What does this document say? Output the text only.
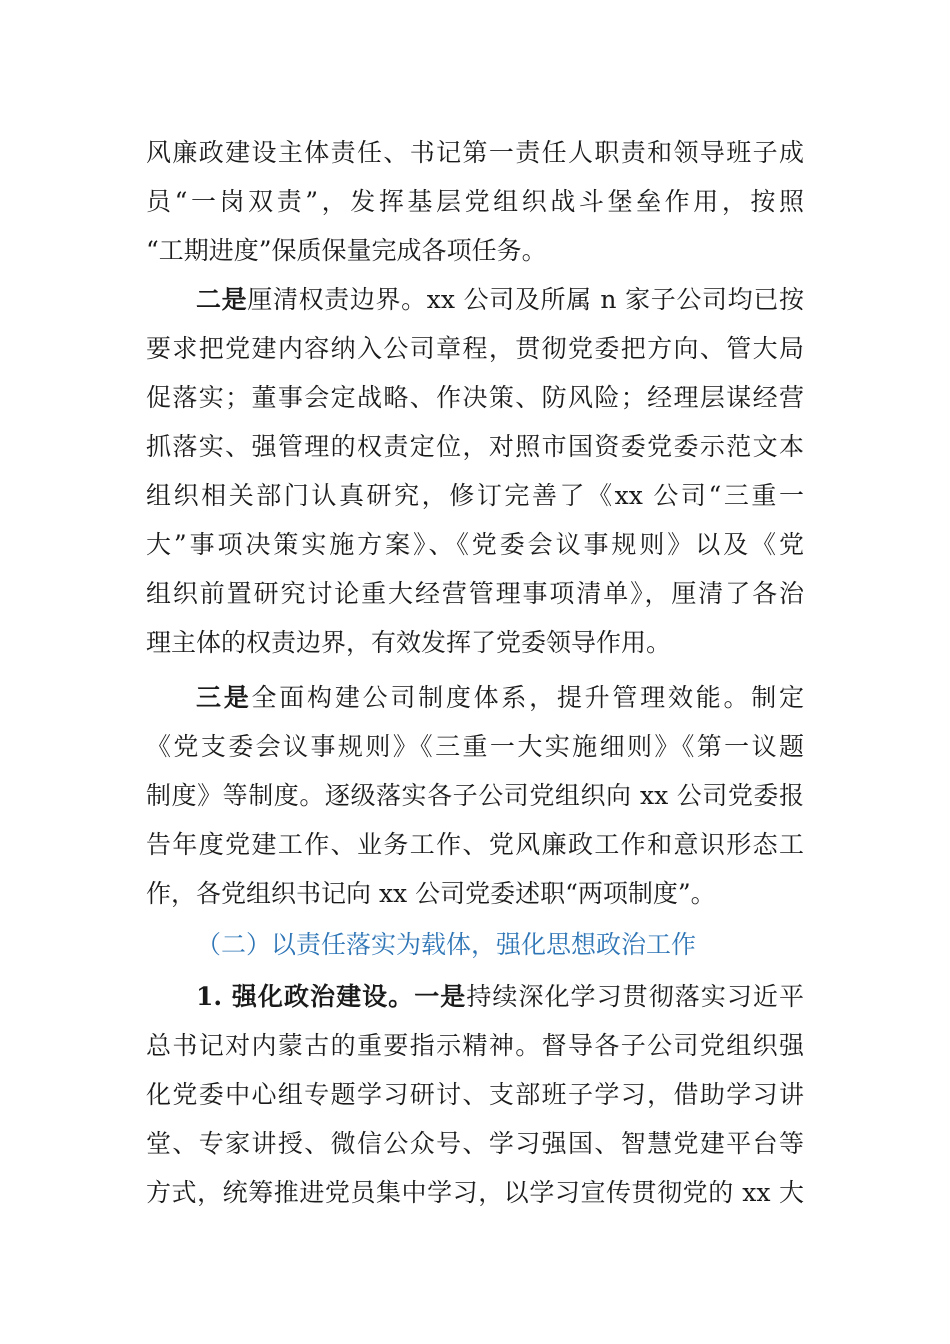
风廉政建设主体责任、书记第一责任人职责和领导班子成
员“一岗双责”，发挥基层党组织战斗堡垒作用，按照
“工期进度”保质保量完成各项任务。
二是厘清权责边界。xx 公司及所属 n 家子公司均已按
要求把党建内容纳入公司章程，贯彻党委把方向、管大局
促落实；董事会定战略、作决策、防风险；经理层谋经营
抓落实、强管理的权责定位，对照市国资委党委示范文本
组织相关部门认真研究，修订完善了《xx 公司“三重一
大”事项决策实施方案》、《党委会议事规则》以及《党
组织前置研究讨论重大经营管理事项清单》，厘清了各治
理主体的权责边界，有效发挥了党委领导作用。
三是全面构建公司制度体系，提升管理效能。制定
《党支委会议事规则》《三重一大实施细则》《第一议题
制度》等制度。逐级落实各子公司党组织向 xx 公司党委报
告年度党建工作、业务工作、党风廉政工作和意识形态工
作，各党组织书记向 xx 公司党委述职“两项制度”。
（二）以责任落实为载体，强化思想政治工作
1. 强化政治建设。一是持续深化学习贯彻落实习近平
总书记对内蒙古的重要指示精神。督导各子公司党组织强
化党委中心组专题学习研讨、支部班子学习，借助学习讲
堂、专家讲授、微信公众号、学习强国、智慧党建平台等
方式，统筹推进党员集中学习，以学习宣传贯彻党的 xx 大
